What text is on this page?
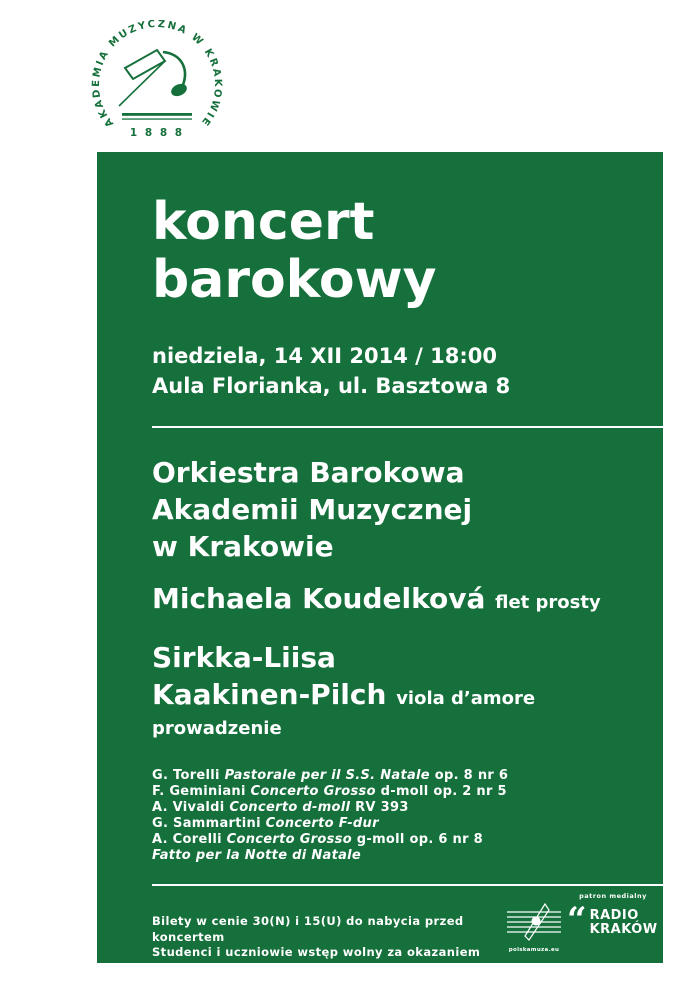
AKADEMIA MUZYCZNA W KRAKOWIE
1 8 8 8
koncert
barokowy
niedziela, 14 XII 2014 / 18:00
Aula Florianka, ul. Basztowa 8
Orkiestra Barokowa
Akademii Muzycznej
w Krakowie
Michaela Koudelková flet prosty
Sirkka-Liisa
Kaakinen-Pilch viola d’amore
prowadzenie
G. Torelli Pastorale per il S.S. Natale op. 8 nr 6
F. Geminiani Concerto Grosso d-moll op. 2 nr 5
A. Vivaldi Concerto d-moll RV 393
G. Sammartini Concerto F-dur
A. Corelli Concerto Grosso g-moll op. 6 nr 8
Fatto per la Notte di Natale
Bilety w cenie 30(N) i 15(U) do nabycia przed koncertem
Studenci i uczniowie wstęp wolny za okazaniem legitymacji
polskamuza.eu
patron medialny
“ RADIO
KRAKÓW
